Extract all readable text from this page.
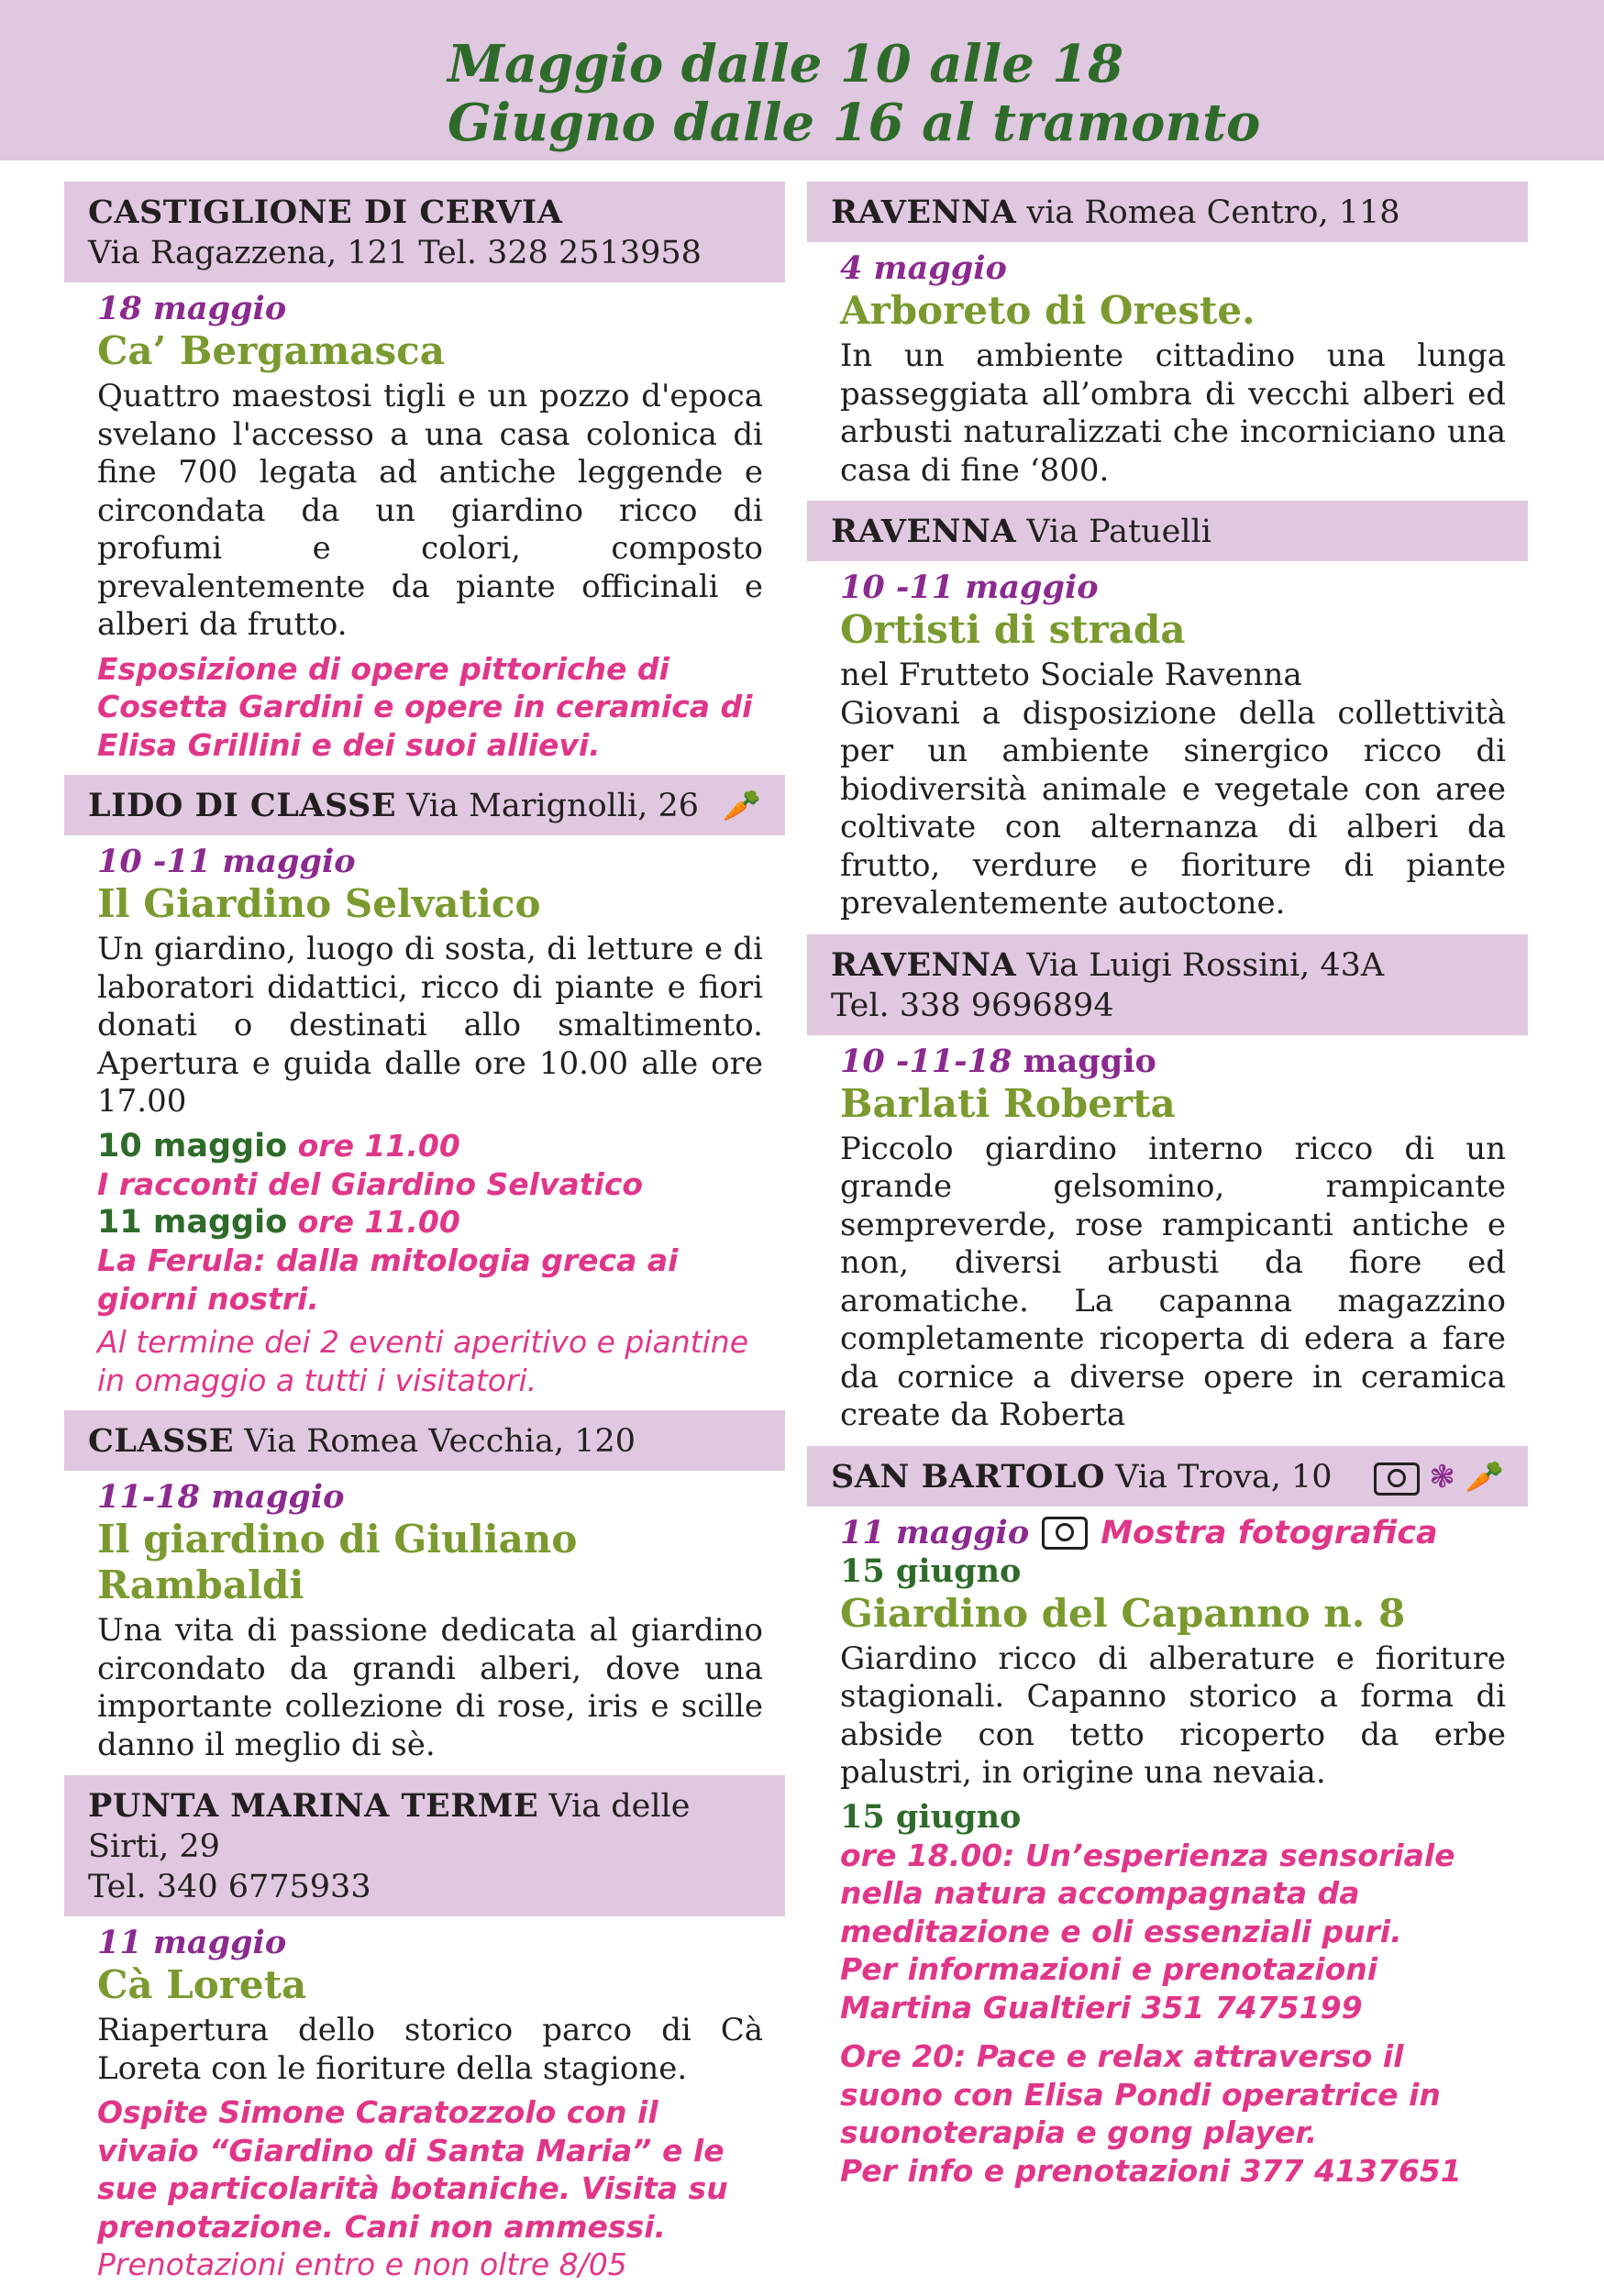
Maggio dalle 10 alle 18
Giugno dalle 16 al tramonto
CASTIGLIONE DI CERVIA
Via Ragazzena, 121 Tel. 328 2513958
18 maggio
Ca’ Bergamasca
Quattro maestosi tigli e un pozzo d'epoca svelano l'accesso a una casa colonica di fine 700 legata ad antiche leggende e circondata da un giardino ricco di profumi e colori, composto prevalentemente da piante officinali e alberi da frutto.
Esposizione di opere pittoriche di Cosetta Gardini e opere in ceramica di Elisa Grillini e dei suoi allievi.
LIDO DI CLASSE Via Marignolli, 26 🥕
10 -11 maggio
Il Giardino Selvatico
Un giardino, luogo di sosta, di letture e di laboratori didattici, ricco di piante e fiori donati o destinati allo smaltimento. Apertura e guida dalle ore 10.00 alle ore 17.00
10 maggio ore 11.00
I racconti del Giardino Selvatico
11 maggio ore 11.00
La Ferula: dalla mitologia greca ai giorni nostri.
Al termine dei 2 eventi aperitivo e piantine in omaggio a tutti i visitatori.
CLASSE Via Romea Vecchia, 120
11-18 maggio
Il giardino di Giuliano Rambaldi
Una vita di passione dedicata al giardino circondato da grandi alberi, dove una importante collezione di rose, iris e scille danno il meglio di sè.
PUNTA MARINA TERME Via delle Sirti, 29
Tel. 340 6775933
11 maggio
Cà Loreta
Riapertura dello storico parco di Cà Loreta con le fioriture della stagione.
Ospite Simone Caratozzolo con il vivaio “Giardino di Santa Maria” e le sue particolarità botaniche. Visita su prenotazione. Cani non ammessi.
Prenotazioni entro e non oltre 8/05
RAVENNA via Romea Centro, 118
4 maggio
Arboreto di Oreste.
In un ambiente cittadino una lunga passeggiata all’ombra di vecchi alberi ed arbusti naturalizzati che incorniciano una casa di fine ‘800.
RAVENNA Via Patuelli
10 -11 maggio
Ortisti di strada
nel Frutteto Sociale Ravenna
Giovani a disposizione della collettività per un ambiente sinergico ricco di biodiversità animale e vegetale con aree coltivate con alternanza di alberi da frutto, verdure e fioriture di piante prevalentemente autoctone.
RAVENNA Via Luigi Rossini, 43A
Tel. 338 9696894
10 -11-18 maggio
Barlati Roberta
Piccolo giardino interno ricco di un grande gelsomino, rampicante sempreverde, rose rampicanti antiche e non, diversi arbusti da fiore ed aromatiche. La capanna magazzino completamente ricoperta di edera a fare da cornice a diverse opere in ceramica create da Roberta
SAN BARTOLO Via Trova, 10	❃ 🥕
11 maggio Mostra fotografica
15 giugno
Giardino del Capanno n. 8
Giardino ricco di alberature e fioriture stagionali. Capanno storico a forma di abside con tetto ricoperto da erbe palustri, in origine una nevaia.
15 giugno
ore 18.00: Un’esperienza sensoriale nella natura accompagnata da meditazione e oli essenziali puri.
Per informazioni e prenotazioni Martina Gualtieri 351 7475199
Ore 20: Pace e relax attraverso il suono con Elisa Pondi operatrice in suonoterapia e gong player.
Per info e prenotazioni 377 4137651
